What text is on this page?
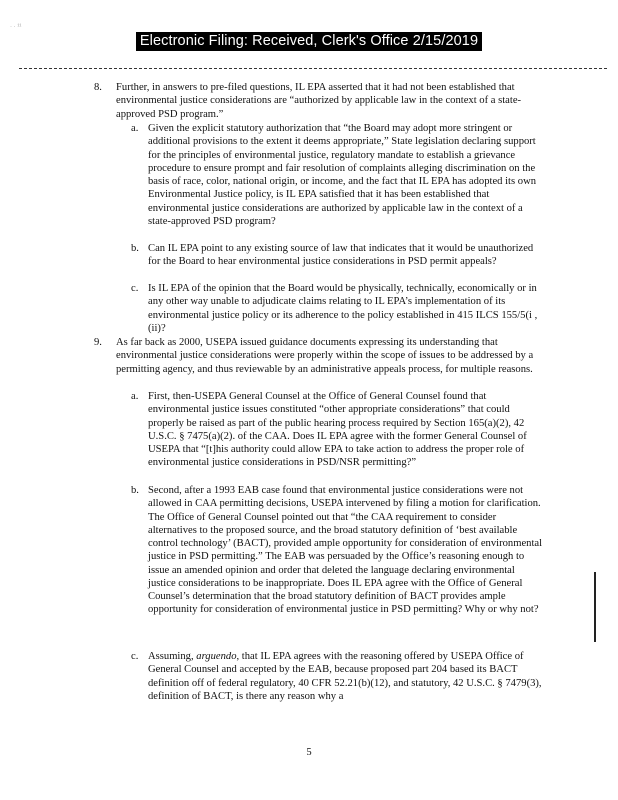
· · ¹¹
Electronic Filing: Received, Clerk's Office 2/15/2019
8. Further, in answers to pre-filed questions, IL EPA asserted that it had not been established that environmental justice considerations are “authorized by applicable law in the context of a state-approved PSD program.”
a. Given the explicit statutory authorization that “the Board may adopt more stringent or additional provisions to the extent it deems appropriate,” State legislation declaring support for the principles of environmental justice, regulatory mandate to establish a grievance procedure to ensure prompt and fair resolution of complaints alleging discrimination on the basis of race, color, national origin, or income, and the fact that IL EPA has adopted its own Environmental Justice policy, is IL EPA satisfied that it has been established that environmental justice considerations are authorized by applicable law in the context of a state-approved PSD program?
b. Can IL EPA point to any existing source of law that indicates that it would be unauthorized for the Board to hear environmental justice considerations in PSD permit appeals?
c. Is IL EPA of the opinion that the Board would be physically, technically, economically or in any other way unable to adjudicate claims relating to IL EPA’s implementation of its environmental justice policy or its adherence to the policy established in 415 ILCS 155/5(i , (ii)?
9. As far back as 2000, USEPA issued guidance documents expressing its understanding that environmental justice considerations were properly within the scope of issues to be addressed by a permitting agency, and thus reviewable by an administrative appeals process, for multiple reasons.
a. First, then-USEPA General Counsel at the Office of General Counsel found that environmental justice issues constituted “other appropriate considerations” that could properly be raised as part of the public hearing process required by Section 165(a)(2), 42 U.S.C. § 7475(a)(2). of the CAA. Does IL EPA agree with the former General Counsel of USEPA that “[t]his authority could allow EPA to take action to address the proper role of environmental justice considerations in PSD/NSR permitting?”
b. Second, after a 1993 EAB case found that environmental justice considerations were not allowed in CAA permitting decisions, USEPA intervened by filing a motion for clarification. The Office of General Counsel pointed out that “the CAA requirement to consider alternatives to the proposed source, and the broad statutory definition of ‘best available control technology’ (BACT), provided ample opportunity for consideration of environmental justice in PSD permitting.” The EAB was persuaded by the Office’s reasoning enough to issue an amended opinion and order that deleted the language declaring environmental justice considerations to be inappropriate. Does IL EPA agree with the Office of General Counsel’s determination that the broad statutory definition of BACT provides ample opportunity for consideration of environmental justice in PSD permitting? Why or why not?
c. Assuming, arguendo, that IL EPA agrees with the reasoning offered by USEPA Office of General Counsel and accepted by the EAB, because proposed part 204 based its BACT definition off of federal regulatory, 40 CFR 52.21(b)(12), and statutory, 42 U.S.C. § 7479(3), definition of BACT, is there any reason why a
5
